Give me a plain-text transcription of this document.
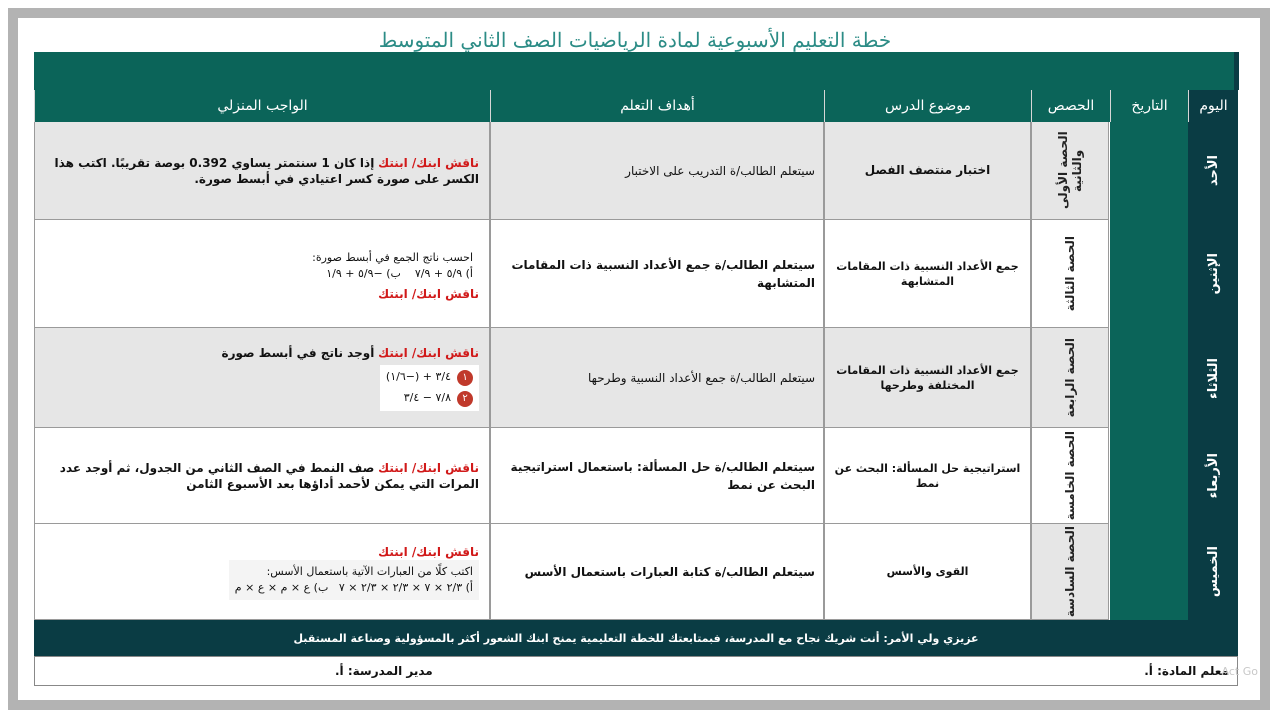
خطة التعليم الأسبوعية لمادة الرياضيات الصف الثاني المتوسط
اليوم
التاريخ
الحصص
موضوع الدرس
أهداف التعلم
الواجب المنزلي
الأحد
الحصة الأولى والثانية
اختبار منتصف الفصل
سيتعلم الطالب/ة التدريب على الاختبار
ناقش ابنك/ ابنتك إذا كان 1 سنتمتر يساوي 0.392 بوصة تقريبًا. اكتب هذا الكسر على صورة كسر اعتيادي في أبسط صورة.
الإثنين
الحصة الثالثة
جمع الأعداد النسبية ذات المقامات المتشابهة
سيتعلم الطالب/ة جمع الأعداد النسبية ذات المقامات المتشابهة
احسب ناتج الجمع في أبسط صورة:
أ) ٥/٩ + ٧/٩    ب) −٥/٩ + ١/٩
ناقش ابنك/ ابنتك
الثلاثاء
الحصة الرابعة
جمع الأعداد النسبية ذات المقامات المختلفة وطرحها
سيتعلم الطالب/ة جمع الأعداد النسبية وطرحها
ناقش ابنك/ ابنتك أوجد ناتج في أبسط صورة
١٣/٤ + (−١/٦)
٢٧/٨ − ٣/٤
الأربعاء
الحصة الخامسة
استراتيجية حل المسألة: البحث عن نمط
سيتعلم الطالب/ة حل المسألة: باستعمال استراتيجية البحث عن نمط
ناقش ابنك/ ابنتك صف النمط في الصف الثاني من الجدول، ثم أوجد عدد المرات التي يمكن لأحمد أداؤها بعد الأسبوع الثامن
الخميس
الحصة السادسة
القوى والأسس
سيتعلم الطالب/ة كتابة العبارات باستعمال الأسس
ناقش ابنك/ ابنتك
اكتب كلًا من العبارات الآتية باستعمال الأسس:
أ) ٢/٣ × ٧ × ٢/٣ × ٢/٣ × ٧   ب) ع × م × ع × م
عزيزي ولي الأمر: أنت شريك نجاح مع المدرسة، فبمتابعتك للخطة التعليمية يمنح ابنك الشعور أكثر بالمسؤولية وصناعة المستقبل
معلم المادة: أ.
مدير المدرسة: أ.	Act Go
